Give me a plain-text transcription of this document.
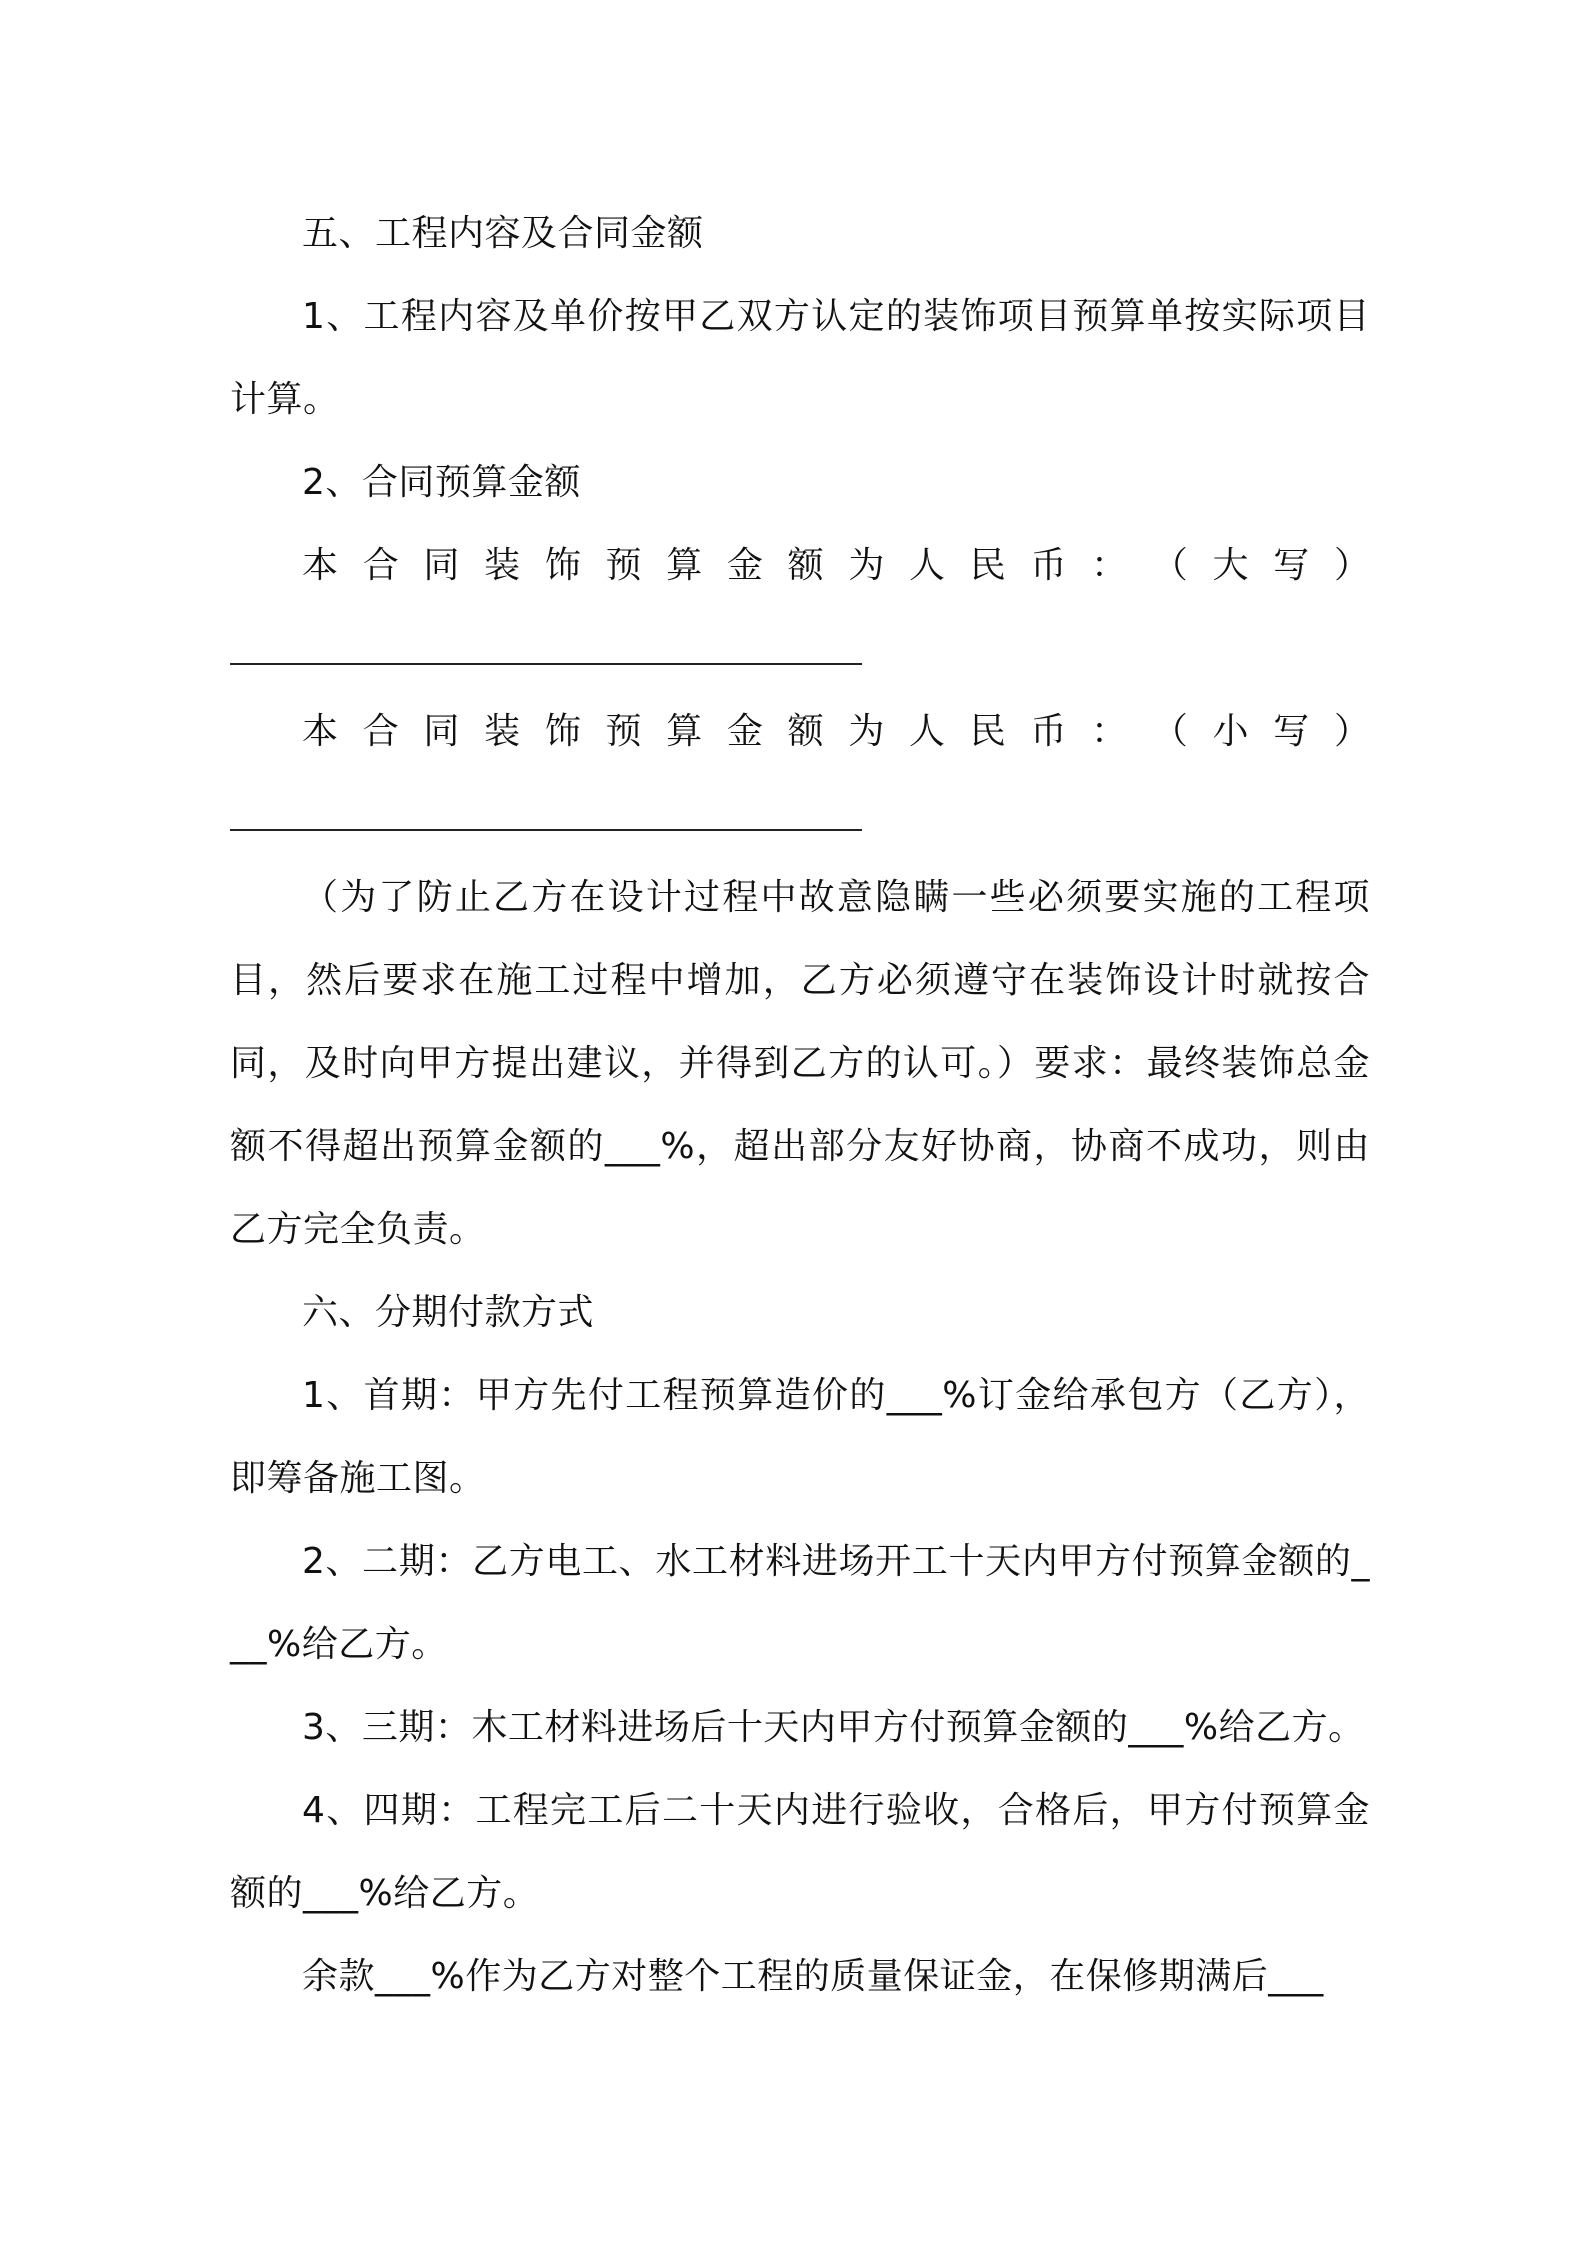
五、工程内容及合同金额

1、工程内容及单价按甲乙双方认定的装饰项目预算单按实际项目计算。

2、合同预算金额

本 合 同 装 饰 预 算 金 额 为 人 民 币 ： （ 大 写 ）

本 合 同 装 饰 预 算 金 额 为 人 民 币 ： （ 小 写 ）

（为了防止乙方在设计过程中故意隐瞒一些必须要实施的工程项目，然后要求在施工过程中增加，乙方必须遵守在装饰设计时就按合同，及时向甲方提出建议，并得到乙方的认可。）要求：最终装饰总金额不得超出预算金额的___%，超出部分友好协商，协商不成功，则由乙方完全负责。

六、分期付款方式

1、首期：甲方先付工程预算造价的___%订金给承包方（乙方），即筹备施工图。

2、二期：乙方电工、水工材料进场开工十天内甲方付预算金额的___%给乙方。

3、三期：木工材料进场后十天内甲方付预算金额的___%给乙方。

4、四期：工程完工后二十天内进行验收，合格后，甲方付预算金额的___%给乙方。

余款___%作为乙方对整个工程的质量保证金，在保修期满后___
